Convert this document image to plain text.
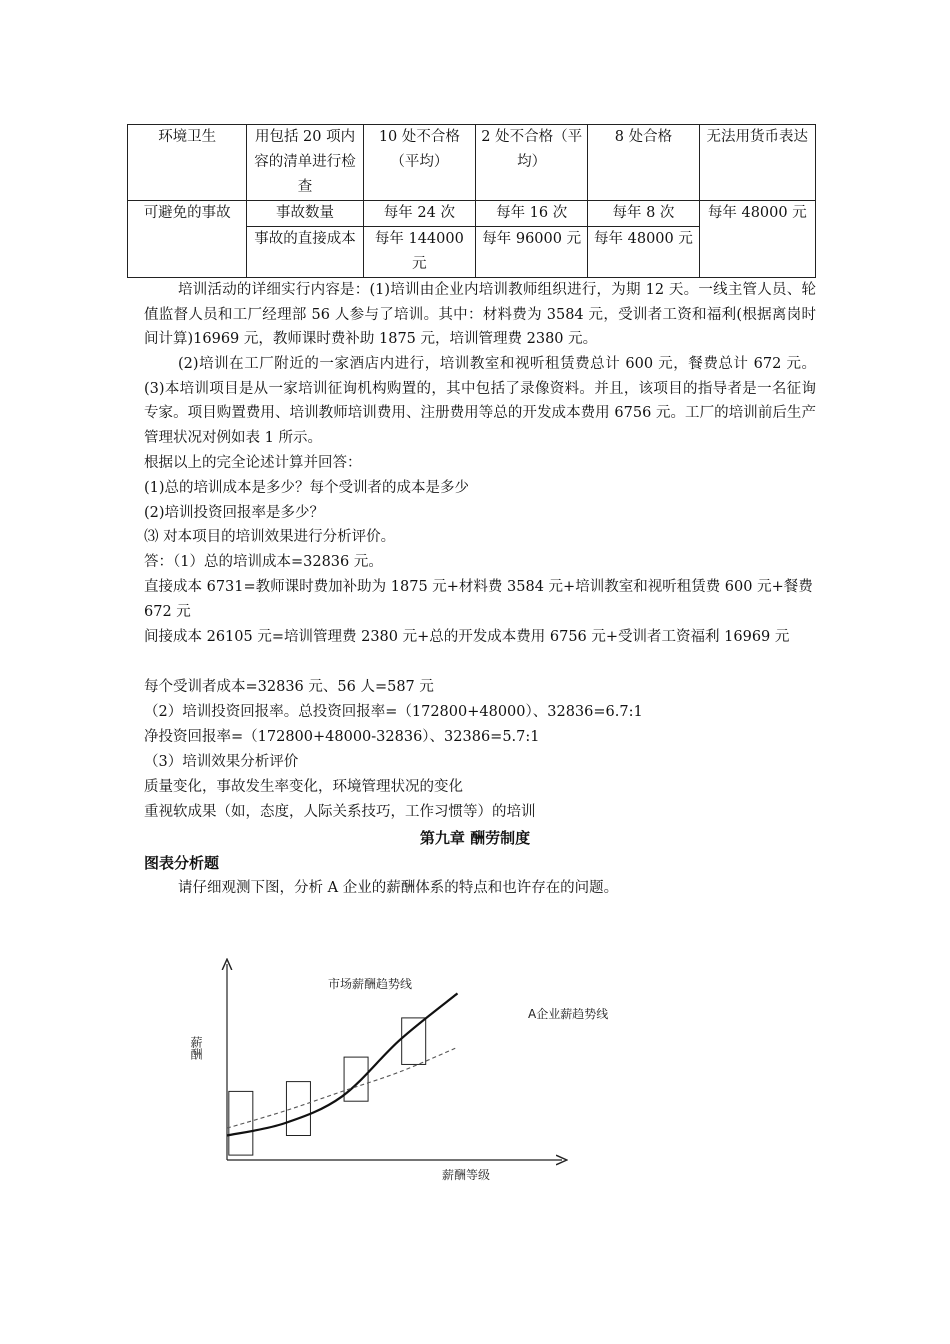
环境卫生	用包括 20 项内容的清单进行检查	10 处不合格（平均）	2 处不合格（平均）	8 处合格	无法用货币表达
可避免的事故	事故数量	每年 24 次	每年 16 次	每年 8 次	每年 48000 元
	事故的直接成本	每年 144000 元	每年 96000 元	每年 48000 元	
培训活动的详细实行内容是：(1)培训由企业内培训教师组织进行，为期 12 天。一线主管人员、轮值监督人员和工厂经理部 56 人参与了培训。其中：材料费为 3584 元，受训者工资和福利(根据离岗时间计算)16969 元，教师课时费补助 1875 元，培训管理费 2380 元。
(2)培训在工厂附近的一家酒店内进行，培训教室和视听租赁费总计 600 元，餐费总计 672 元。 (3)本培训项目是从一家培训征询机构购置的，其中包括了录像资料。并且，该项目的指导者是一名征询专家。项目购置费用、培训教师培训费用、注册费用等总的开发成本费用 6756 元。工厂的培训前后生产管理状况对例如表 1 所示。
根据以上的完全论述计算并回答：
(1)总的培训成本是多少？每个受训者的成本是多少
(2)培训投资回报率是多少？
⑶ 对本项目的培训效果进行分析评价。
答：（1）总的培训成本=32836 元。
直接成本 6731=教师课时费加补助为 1875 元+材料费 3584 元+培训教室和视听租赁费 600 元+餐费 672 元
间接成本 26105 元=培训管理费 2380 元+总的开发成本费用 6756 元+受训者工资福利 16969 元
每个受训者成本=32836 元、56 人=587 元
（2）培训投资回报率。总投资回报率=（172800+48000）、32836=6.7:1
净投资回报率=（172800+48000-32836）、32386=5.7:1
（3）培训效果分析评价
质量变化，事故发生率变化，环境管理状况的变化
重视软成果（如，态度，人际关系技巧，工作习惯等）的培训
第九章 酬劳制度
图表分析题
请仔细观测下图，分析 A 企业的薪酬体系的特点和也许存在的问题。
市场薪酬趋势线
A企业薪趋势线
薪酬
薪酬等级
